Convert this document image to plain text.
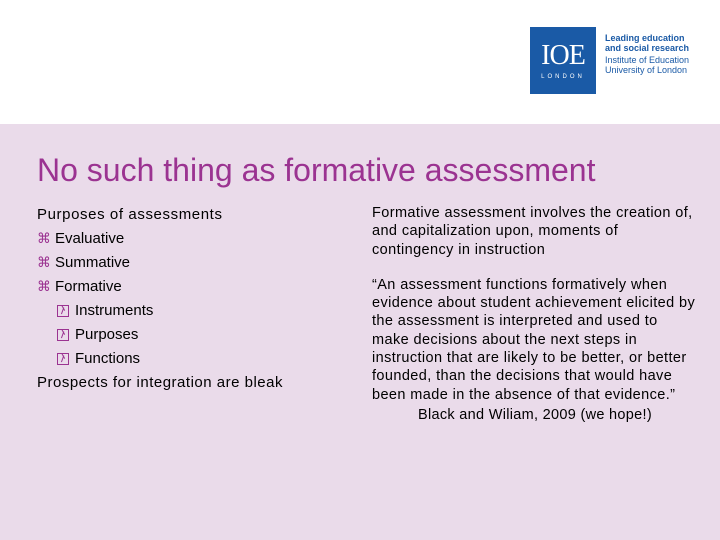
IOE
LONDON
Leading education
and social research
Institute of Education
University of London
No such thing as formative assessment
Purposes of assessments
⌘ Evaluative
⌘ Summative
⌘ Formative
Instruments
Purposes
Functions
Prospects for integration are bleak

Formative assessment involves the creation of, and capitalization upon, moments of contingency in instruction

“An assessment functions formatively when evidence about student achievement elicited by the assessment is interpreted and used to make decisions about the next steps in instruction that are likely to be better, or better founded, than the decisions that would have been made in the absence of that evidence.”

Black and Wiliam, 2009 (we hope!)
